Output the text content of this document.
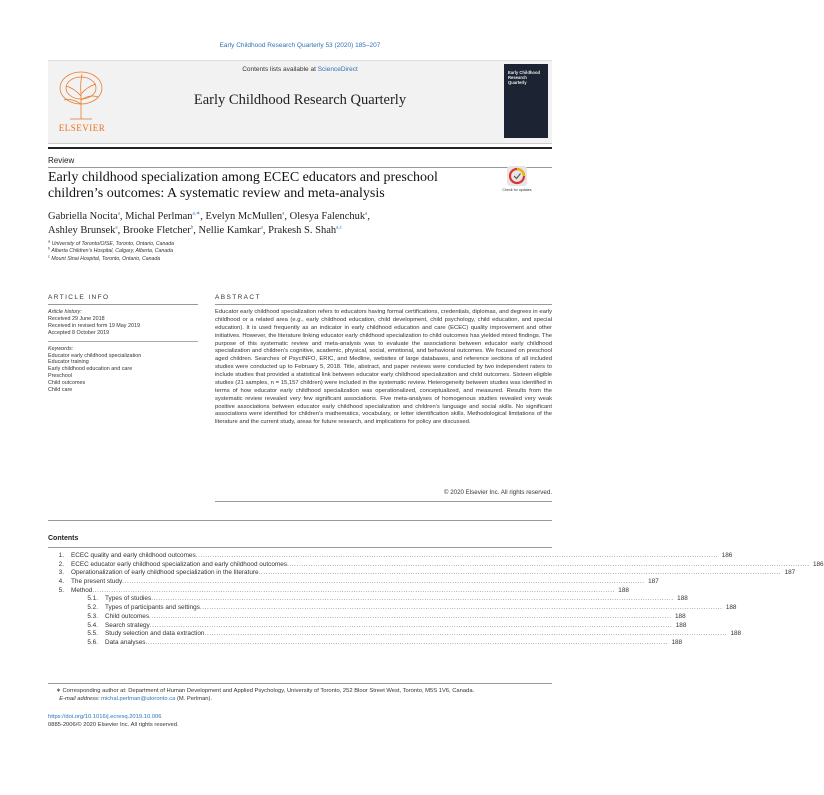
Early Childhood Research Quarterly 53 (2020) 185–207
Contents lists available at ScienceDirect
Early Childhood Research Quarterly
ELSEVIER
Early Childhood Research Quarterly
Review
Early childhood specialization among ECEC educators and preschool children’s outcomes: A systematic review and meta-analysis	Check for updates
Gabriella Nocita$^a$, Michal Perlman$^{a,∗}$, Evelyn McMullen$^a$, Olesya Falenchuk$^a$,
Ashley Brunsek$^a$, Brooke Fletcher$^b$, Nellie Kamkar$^a$, Prakesh S. Shah$^{a,c}$
$^a$ University of Toronto/OISE, Toronto, Ontario, Canada
$^b$ Alberta Children’s Hospital, Calgary, Alberta, Canada
$^c$ Mount Sinai Hospital, Toronto, Ontario, Canada
ARTICLE INFO	ABSTRACT
Article history:
Received 29 June 2018
Received in revised form 19 May 2019
Accepted 8 October 2019
Keywords:
Educator early childhood specialization
Educator training
Early childhood education and care
Preschool
Child outcomes
Child care
Educator early childhood specialization refers to educators having formal certifications, credentials, diplomas, and degrees in early childhood or a related area (e.g., early childhood education, child development, child psychology, child education, and special education). It is used frequently as an indicator in early childhood education and care (ECEC) quality improvement and other initiatives. However, the literature linking educator early childhood specialization to child outcomes has yielded mixed findings. The purpose of this systematic review and meta-analysis was to evaluate the associations between educator early childhood specialization and children’s cognitive, academic, physical, social, emotional, and behavioral outcomes. We focused on preschool aged children. Searches of PsycINFO, ERIC, and Medline, websites of large databases, and reference sections of all included studies were conducted up to February 5, 2018. Title, abstract, and paper reviews were conducted by two independent raters to include studies that provided a statistical link between educator early childhood specialization and child outcomes. Sixteen eligible studies (21 samples, n = 15,157 children) were included in the systematic review. Heterogeneity between studies was identified in terms of how educator early childhood specialization was operationalized, conceptualized, and measured. Results from the systematic review revealed very few significant associations. Five meta-analyses of homogenous studies revealed very weak positive associations between educator early childhood specialization and children’s language and social skills. No significant associations were identified for children’s mathematics, vocabulary, or letter identification skills. Methodological limitations of the literature and the current study, areas for future research, and implications for policy are discussed.
© 2020 Elsevier Inc. All rights reserved.
Contents
1.	ECEC quality and early childhood outcomes ............................................................................................................................................................................................................................ 186
2.	ECEC educator early childhood specialization and early childhood outcomes ............................................................................................................................................................................................................................ 186
3.	Operationalization of early childhood specialization in the literature ............................................................................................................................................................................................................................ 187
4.	The present study ............................................................................................................................................................................................................................ 187
5.	Method ............................................................................................................................................................................................................................ 188
5.1.	Types of studies ............................................................................................................................................................................................................................ 188
5.2.	Types of participants and settings ............................................................................................................................................................................................................................ 188
5.3.	Child outcomes ............................................................................................................................................................................................................................ 188
5.4.	Search strategy ............................................................................................................................................................................................................................ 188
5.5.	Study selection and data extraction ............................................................................................................................................................................................................................ 188
5.6.	Data analyses ............................................................................................................................................................................................................................ 188
∗ Corresponding author at: Department of Human Development and Applied Psychology, University of Toronto, 252 Bloor Street West, Toronto, M5S 1V6, Canada.
E-mail address: michal.perlman@utoronto.ca (M. Perlman).
https://doi.org/10.1016/j.ecresq.2019.10.006
0885-2006/© 2020 Elsevier Inc. All rights reserved.
